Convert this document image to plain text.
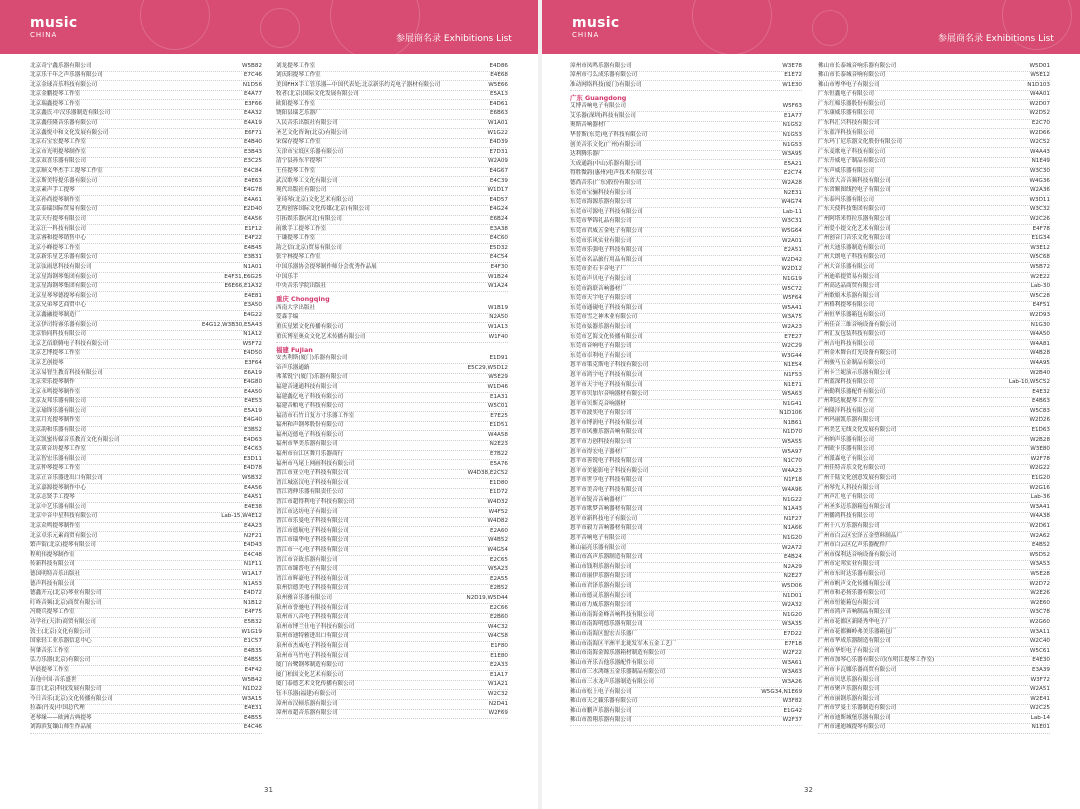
music
CHINA	参展商名录 Exhibitions List
music
CHINA	参展商名录 Exhibitions List
北京奇宁鑫乐器有限公司	W5B82
北京乐千年之声乐器有限公司	E7C46
北京金球音乐科技有限公司	N1D56
北京金鹏提琴工作室	E4A77
北京瑞鑫提琴工作室	E3F66
北京鑫氏·中汉乐器制造有限公司	E4A32
北京鑫佳隆音乐器有限公司	E4A19
北京鑫悦中和文化发展有限公司	E6F71
北京石宝宏提琴工作室	E4B40
北京市光明提琴制作室	E3B43
北京双喜乐器有限公司	E3C25
北京顺义华杰手工提琴工作室	E4C84
北京斯美特提乐器有限公司	E4E63
北京素声手工提琴	E4G78
北京孙尚提琴制作室	E4A61
北京泰瑞国际贸易有限公司	E2D40
北京天行提琴有限公司	E4A56
北京汪一科技有限公司	E1F12
北京睿和提琴销售中心	E4F22
北京小峰提琴工作室	E4B45
北京新乐星艺乐器有限公司	E3B31
北京弦雨思科技有限公司	N1A01
北京星海钢琴集团有限公司	E4F31,E6G25
北京星海钢琴集团有限公司	E6E66,E1A32
北京星琴琴德提琴有限公司	E4E81
北京兄弟琴艺商贸中心	E3A50
北京鑫融提琴制造厂	E4G22
北京伊司特睿乐器有限公司	E4G12,W3B30,E5A43
北京怡同科技有限公司	N1A12
北京艺佰联腾电子科技有限公司	W5F72
北京艺博提琴工作室	E4D50
北京艺创提琴	E3F64
北京易智生教育科技有限公司	E6A19
北京荣乐提琴制作	E4G80
北京永鸣提琴制作室	E4A50
北京友邦乐器有限公司	E4E53
北京瑜锋乐器有限公司	E5A19
北京月光提琴制作室	E4G40
北京韵和乐器有限公司	E3B52
北京凯蜜传媒音乐教育文化有限公司	E4D63
北京质音坊提琴工作室	E4C63
北京智宏乐器有限公司	E3D11
北京仲琴提琴工作室	E4D78
北京正音乐器进出口有限公司	W5B32
北京嘉源提琴制作中心	E4A56
北京志贤手工提琴	E4A51
北京中艺乐器有限公司	E4E38
北京中音中星科技有限公司	Lab-15,W4E12
北京众鸣提琴制作室	E4A23
北京卓乐元素商贸有限公司	N2F21
繁声街(北京)提琴有限公司	E4D43
程明伟提琴制作室	E4C48
传新科技有限公司	N1F11
德国明特音乐出版社	W1A17
德声科技有限公司	N1A53
德鑫开元(北京)琴业有限公司	E4D72
叮咚音频(北京)商贸有限公司	N1B12
冯晓兵提琴工作室	E4F75
功学社(天津)商贸有限公司	E5B32
敦士(北京)文化有限公司	W1G19
国家轻工业乐器信息中心	E1C57
何肇音乐工作室	E4B35
弘力乐器(北京)有限公司	E4B55
华晨提琴工作室	E4F42
吉他中国·音乐盛世	W5B42
嘉言(北京)科技发展有限公司	N1D22
今日音乐(北京)文化传播有限公司	W3A15
拉森(丹麦)中国总代理	E4E31
老琴缘——欧洲古典提琴	E4B55
刘海滨复镶山师生作品展	E4C46
刘龙提琴工作室	E4D86
刘庆阳提琴工作室	E4E68
美国FHX手工管乐器—中国代表处;北京新乐约克电子器材有限公司	W5E66
牧者(北京)国际文化发展有限公司	E5A13
欧阳提琴工作室	E4D61
饶阳县瑞艺乐器厂	E6B63
人民音乐出版社有限公司	W1A01
圣艺文化咨询(北京)有限公司	W1G22
宋保存提琴工作室	E4D39
天津市宝坻区乐器有限公司	E7D31
清宁县孙东平提琴厂	W2A09
王佳提琴工作室	E4G67
武汉歌琴工文化有限公司	E4C39
现代出版社有限公司	W1D17
亚琦琴(北京)文化艺术有限公司	E4D57
艺构创客国际文化传媒(北京)有限公司	E4G24
引拓娱乐器(河北)有限公司	E6B24
雨歌手工提琴工作室	E3A38
于谦提琴工作室	E4C60
韵之信(北京)贸易有限公司	E5D32
张宇林提琴工作室	E4C54
中国乐器协会提琴制作师分会优秀作品展	E4F30
中国乐手	W1B24
中央音乐学院出版社	W1A24
重庆 Chongqing
西南大学出版社	W1B19
爱森手编	N2A50
重庆星繁文化传播有限公司	W1A13
重庆博星奥众文化艺术传播有限公司	W1F40
福建 Fujian
安杰利斯(厦门)乐器有限公司	E1D91
帝声乐器通路	E5C29,W5D12
弗莱锐宁(厦门)乐器有限公司	W5E29
福建音速通科技有限公司	W1D46
福建鑫亿电子科技有限公司	E1A31
福建音帕电子科技有限公司	W5C01
福清市石竹日复方寸乐器工作室	E7E25
福州和声钢琴股份有限公司	E1D51
福州迈德电子科技有限公司	W4A58
福州市华美乐器有限公司	N2E23
福州市台江区舞月乐器商行	E7B22
福州市马尾上网画科技有限公司	E5A76
晋江市亚立电子科技有限公司	W4D38,E2C52
晋江城富汉电子科技有限公司	E1D80
晋江湾伸乐器有限责任公司	E1D72
晋江市超得利电子科技有限公司	W4D32
晋江市达坊电子有限公司	W4F52
晋江市乐曼电子科技有限公司	W4D82
晋江市德航电子科技有限公司	E2A60
晋江市瑞华电子科技有限公司	W4B52
晋江市一心电子科技有限公司	W4G54
晋江市音致乐器有限公司	E2C65
晋江市臻普电子有限公司	W5A23
晋江市辉豪电子科技有限公司	E2A55
泉州信德美电子科技有限公司	E2B52
泉州雅音乐器有限公司	N2D19,W5D44
泉州市誉驰电子科技有限公司	E2C66
泉州市八音电子科技有限公司	E2B60
泉州市博兰仕电子科技有限公司	W4C32
泉州市迪特雅进出口有限公司	W4C58
泉州市杰威电子科技有限公司	E1F80
泉州市马竹电子科技有限公司	E1E80
厦门台鹭钢琴制造有限公司	E2A33
厦门柏国文化艺术有限公司	E1A17
厦门泰德艺术文化传播有限公司	W1A21
钰丰乐器(福建)有限公司	W2C32
漳州市汉顿乐器有限公司	N2D41
漳州市超音乐器有限公司	W2F69
漳州市凤鸣乐器有限公司	W3E78
漳州市弓么成乐器有限公司	E1E72
准动网络科技(厦门)有限公司	W1E30
广东 Guangdong
艾博音响电子有限公司	W5F63
艾乐器(深圳)科技有限公司	E1A77
奥斯音响器材厂	N1G52
华普斯(东莞)电子科技有限公司	N1G53
创美音乐文化(广州)有限公司	N1G53
达利腾乐器厂	W3A95
大成通韵(中山)乐器有限公司	E5A21
得胜微韵(惠州)电声技术有限公司	E2C74
德尚音乐(广东)股份有限公司	W2A28
东莞市宝骊科技有限公司	N2E31
东莞市海源乐器有限公司	W4G74
东莞市可源电子科技有限公司	Lab-11
东莞市华锦礼品有限公司	W3C31
东莞市君威五金电子有限公司	W5G64
东莞市乐风实业有限公司	W2A01
东莞市乐强电子科技有限公司	E2A51
东莞市名品旅行用品有限公司	W2D42
东莞市企石卡音电子厂	W2D12
东莞市声贝电子有限公司	N1G19
东莞市韵联音响器材厂	W5C72
东莞市天宇电子有限公司	W5F64
东莞市通砚电子科技有限公司	W5A41
东莞市雪之神木业有限公司	W3A75
东莞市弦器乐器有限公司	W2A23
东莞市艺海文化传播有限公司	E7E27
东莞市音响电子有限公司	W2C29
东莞市卓利电子有限公司	W3G44
恩平市策克斯电子科技有限公司	N1E54
恩平市鸿宇电子科技有限公司	N1F53
恩平市天宇电子科技有限公司	N1E71
恩平市贝加尔音响器材有限公司	W5A63
恩平市贝斯克音响器材	N1G41
恩平市波奕电子有限公司	N1D106
恩平市博润电子科技有限公司	N1B61
恩平市风雅乐器音响有限公司	N1D70
恩平市力创科技有限公司	W5A55
恩平市得宏电子器材厂	W5A97
恩平市善锐电子科技有限公司	N1C70
恩平市美能影电子科技有限公司	W4A23
恩平市世亨电子科技有限公司	N1F18
恩平市美音电子科技有限公司	W4A96
恩平市锐音音响器材厂	N1G22
恩平市歌梦音响器材有限公司	N1A43
恩平市新科技电子有限公司	N1F27
恩平市毅力音响器材有限公司	N1A66
恩平音响电子有限公司	N1G20
佛山福亮乐器有限公司	W2A72
佛山市高声乐器制造有限公司	E4B24
佛山市钱利乐器有限公司	N2A29
佛山市丽伊乐器有限公司	N2E27
佛山市君泽乐器有限公司	W5D06
佛山市德灵乐器有限公司	N1D01
佛山市力威乐器有限公司	W2A32
佛山市南海金峰音响科技有限公司	N1G20
佛山市南海明德乐器有限公司	W3A35
佛山市南海区盟宏吉乐器厂	E7D22
佛山市南海区平洲平北珑发军木五金工艺厂	E7F18
佛山市南海金源乐器箱材制造有限公司	W2F22
佛山市齐乐吉他乐器配件有限公司	W3A61
佛山市三水鸿继五金乐器制品有限公司	W3A63
佛山市三水龙声乐器制造有限公司	W3A26
佛山市松上电子有限公司	W5G34,N1E69
佛山市天之籁乐器有限公司	W3F82
佛山市鹏声乐器有限公司	E1G42
佛山市盈翔乐器有限公司	W2F37
佛山市长泰城音响乐器有限公司	W5D01
佛山市长泰城音响有限公司	W5E12
佛山市粤华电子有限公司	N1D103
广东恒鑫电子有限公司	W4A01
广东红棉乐器股份有限公司	W2D07
广东康威乐器有限公司	W2D52
广东科汇兴科技有限公司	E2C70
广东蓝洋科技有限公司	W2D66
广东玛丁尼乐器文化股份有限公司	W2C52
广东麦歌电子科技有限公司	W4A43
广东升威电子制品有限公司	N1E49
广东声威乐器有限公司	W3C30
广东省大音音频科技有限公司	W4G36
广东省顺图线控电子有限公司	W2A36
广东泰玛乐器有限公司	W3D11
广东天使科技集团有限公司	W3C32
广州阿塔米得拉乐器有限公司	W2C26
广州爱小提文化艺术有限公司	E4F78
广州创音门音乐文化有限公司	E1G34
广州大迪乐器制造有限公司	W3E12
广州大朗电子科技有限公司	W5C68
广州大音乐器有限公司	W5B72
广州迪希提贸易有限公司	W2E22
广州高达品商贸有限公司	Lab-30
广州歌娘木乐器有限公司	W5C28
广州格利提琴有限公司	E4F51
广州恒华乐器箱包有限公司	W2D93
广州佳音三维音响设备有限公司	N1G30
广州汇友包装科技有限公司	W4A50
广州吉电科技有限公司	W4A81
广州金木舞台灯光设备有限公司	W4B28
广州骏马五金制品有限公司	W4A95
广州卡兰妮演示乐器有限公司	W2B40
广州蓝深科技有限公司	Lab-10,W5C52
广州勤利乐器配件有限公司	E4E32
广州利达航提琴工作室	E4B63
广州隆沣科技有限公司	W5C83
广州玛丽凯乐器有限公司	W2D26
广州美艺无线文化发展有限公司	E1D63
广州纳声乐器有限公司	W2B28
广州欧卡乐器有限公司	W3E80
广州派森电子有限公司	W2F78
广州佳特音乐文化有限公司	W2G22
广州千陆文化创意发展有限公司	E1G20
广州琴先人科技有限公司	W2G16
广州声汇电子有限公司	Lab-36
广州圣多迈乐器箱包有限公司	W3A41
广州播鸿科技有限公司	W4A38
广州十八方乐器有限公司	W2D61
广州市白云区宏泽五金塑料制品厂	W2A62
广州市白云区亿声乐器配件厂	E4B52
广州市保利达音响设备有限公司	W5D52
广州市定邦实业有限公司	W3A53
广州市东时达乐器有限公司	W5E28
广州市帆声文化传播有限公司	W2D72
广州市和必扬乐器有限公司	W2E26
广州市恒能箱包有限公司	W2E60
广州市鸿声音响制品有限公司	W3C78
广州市花都区新隆秀华电子厂	W2G60
广州市花都狮岭弗美乐器箱包厂	W3A11
广州市华成乐器制造有限公司	W2C40
广州市华炬电子有限公司	W5C61
广州市加琴心乐器有限公司(东明江提琴工作室)	E4E30
广州市卡瓦娜乐器商贸有限公司	E3A39
广州市贝思乐器有限公司	W3F72
广州市聚声乐器有限公司	W2A51
广州市丽钢乐器有限公司	W2E41
广州市罗曼士乐器制造有限公司	W2C25
广州市迪斯城堡乐器有限公司	Lab-14
广州市速迪城提琴有限公司	N1E01
31	32
